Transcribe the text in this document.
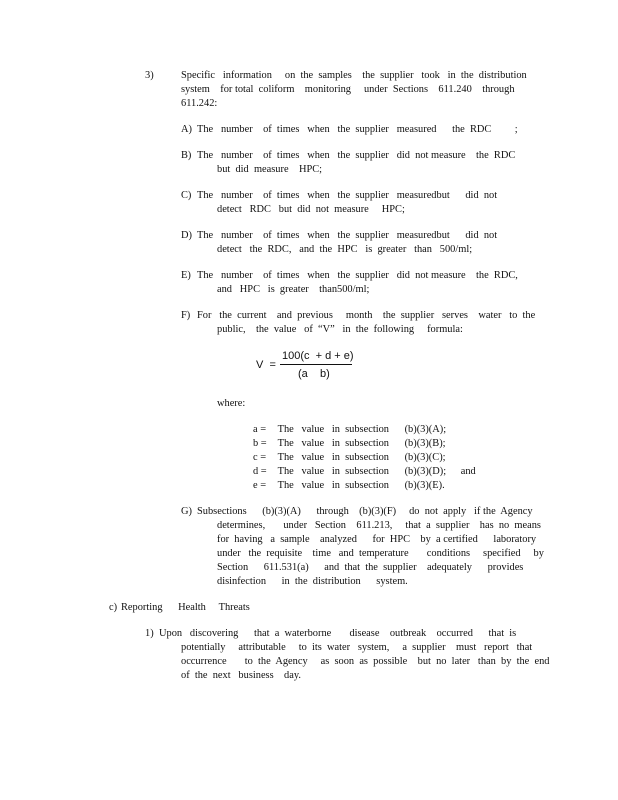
3)	Specific   information     on  the  samples    the  supplier   took   in  the  distribution
system    for total  coliform    monitoring     under  Sections    611.240    through
611.242:
A) The   number    of  times   when   the  supplier   measured      the  RDC         ;
B) The   number    of  times   when   the  supplier   did  not measure    the  RDC
but  did  measure    HPC;
C) The   number    of  times   when   the  supplier   measuredbut      did  not
detect   RDC   but  did  not  measure     HPC;
D) The   number    of  times   when   the  supplier   measuredbut      did  not
detect   the  RDC,   and  the  HPC   is  greater   than   500/ml;
E) The   number    of  times   when   the  supplier   did  not measure    the  RDC,
and   HPC   is  greater    than500/ml;
F) For   the  current    and  previous     month    the  supplier   serves    water   to  the
public,    the  value   of  “V”   in  the  following     formula:
V  =
100(c  + d + e)
(a    b)
where:
a = The   value   in  subsection      (b)(3)(A);
b = The   value   in  subsection      (b)(3)(B);
c = The   value   in  subsection      (b)(3)(C);
d = The   value   in  subsection      (b)(3)(D); and
e = The   value   in  subsection      (b)(3)(E).
G) Subsections      (b)(3)(A)      through    (b)(3)(F)     do  not  apply   if the  Agency
determines,       under   Section    611.213,     that  a  supplier    has  no  means
for  having   a  sample    analyzed      for  HPC    by  a certified      laboratory
under   the  requisite    time   and  temperature       conditions     specified     by
Section      611.531(a)      and  that  the  supplier    adequately      provides
disinfection      in  the  distribution      system.
c) Reporting      Health     Threats
1) Upon   discovering      that  a  waterborne       disease    outbreak    occurred      that  is
potentially     attributable     to  its  water   system,     a  supplier    must   report   that
occurrence       to  the  Agency     as  soon  as  possible    but  no  later   than  by  the  end
of  the  next   business    day.
